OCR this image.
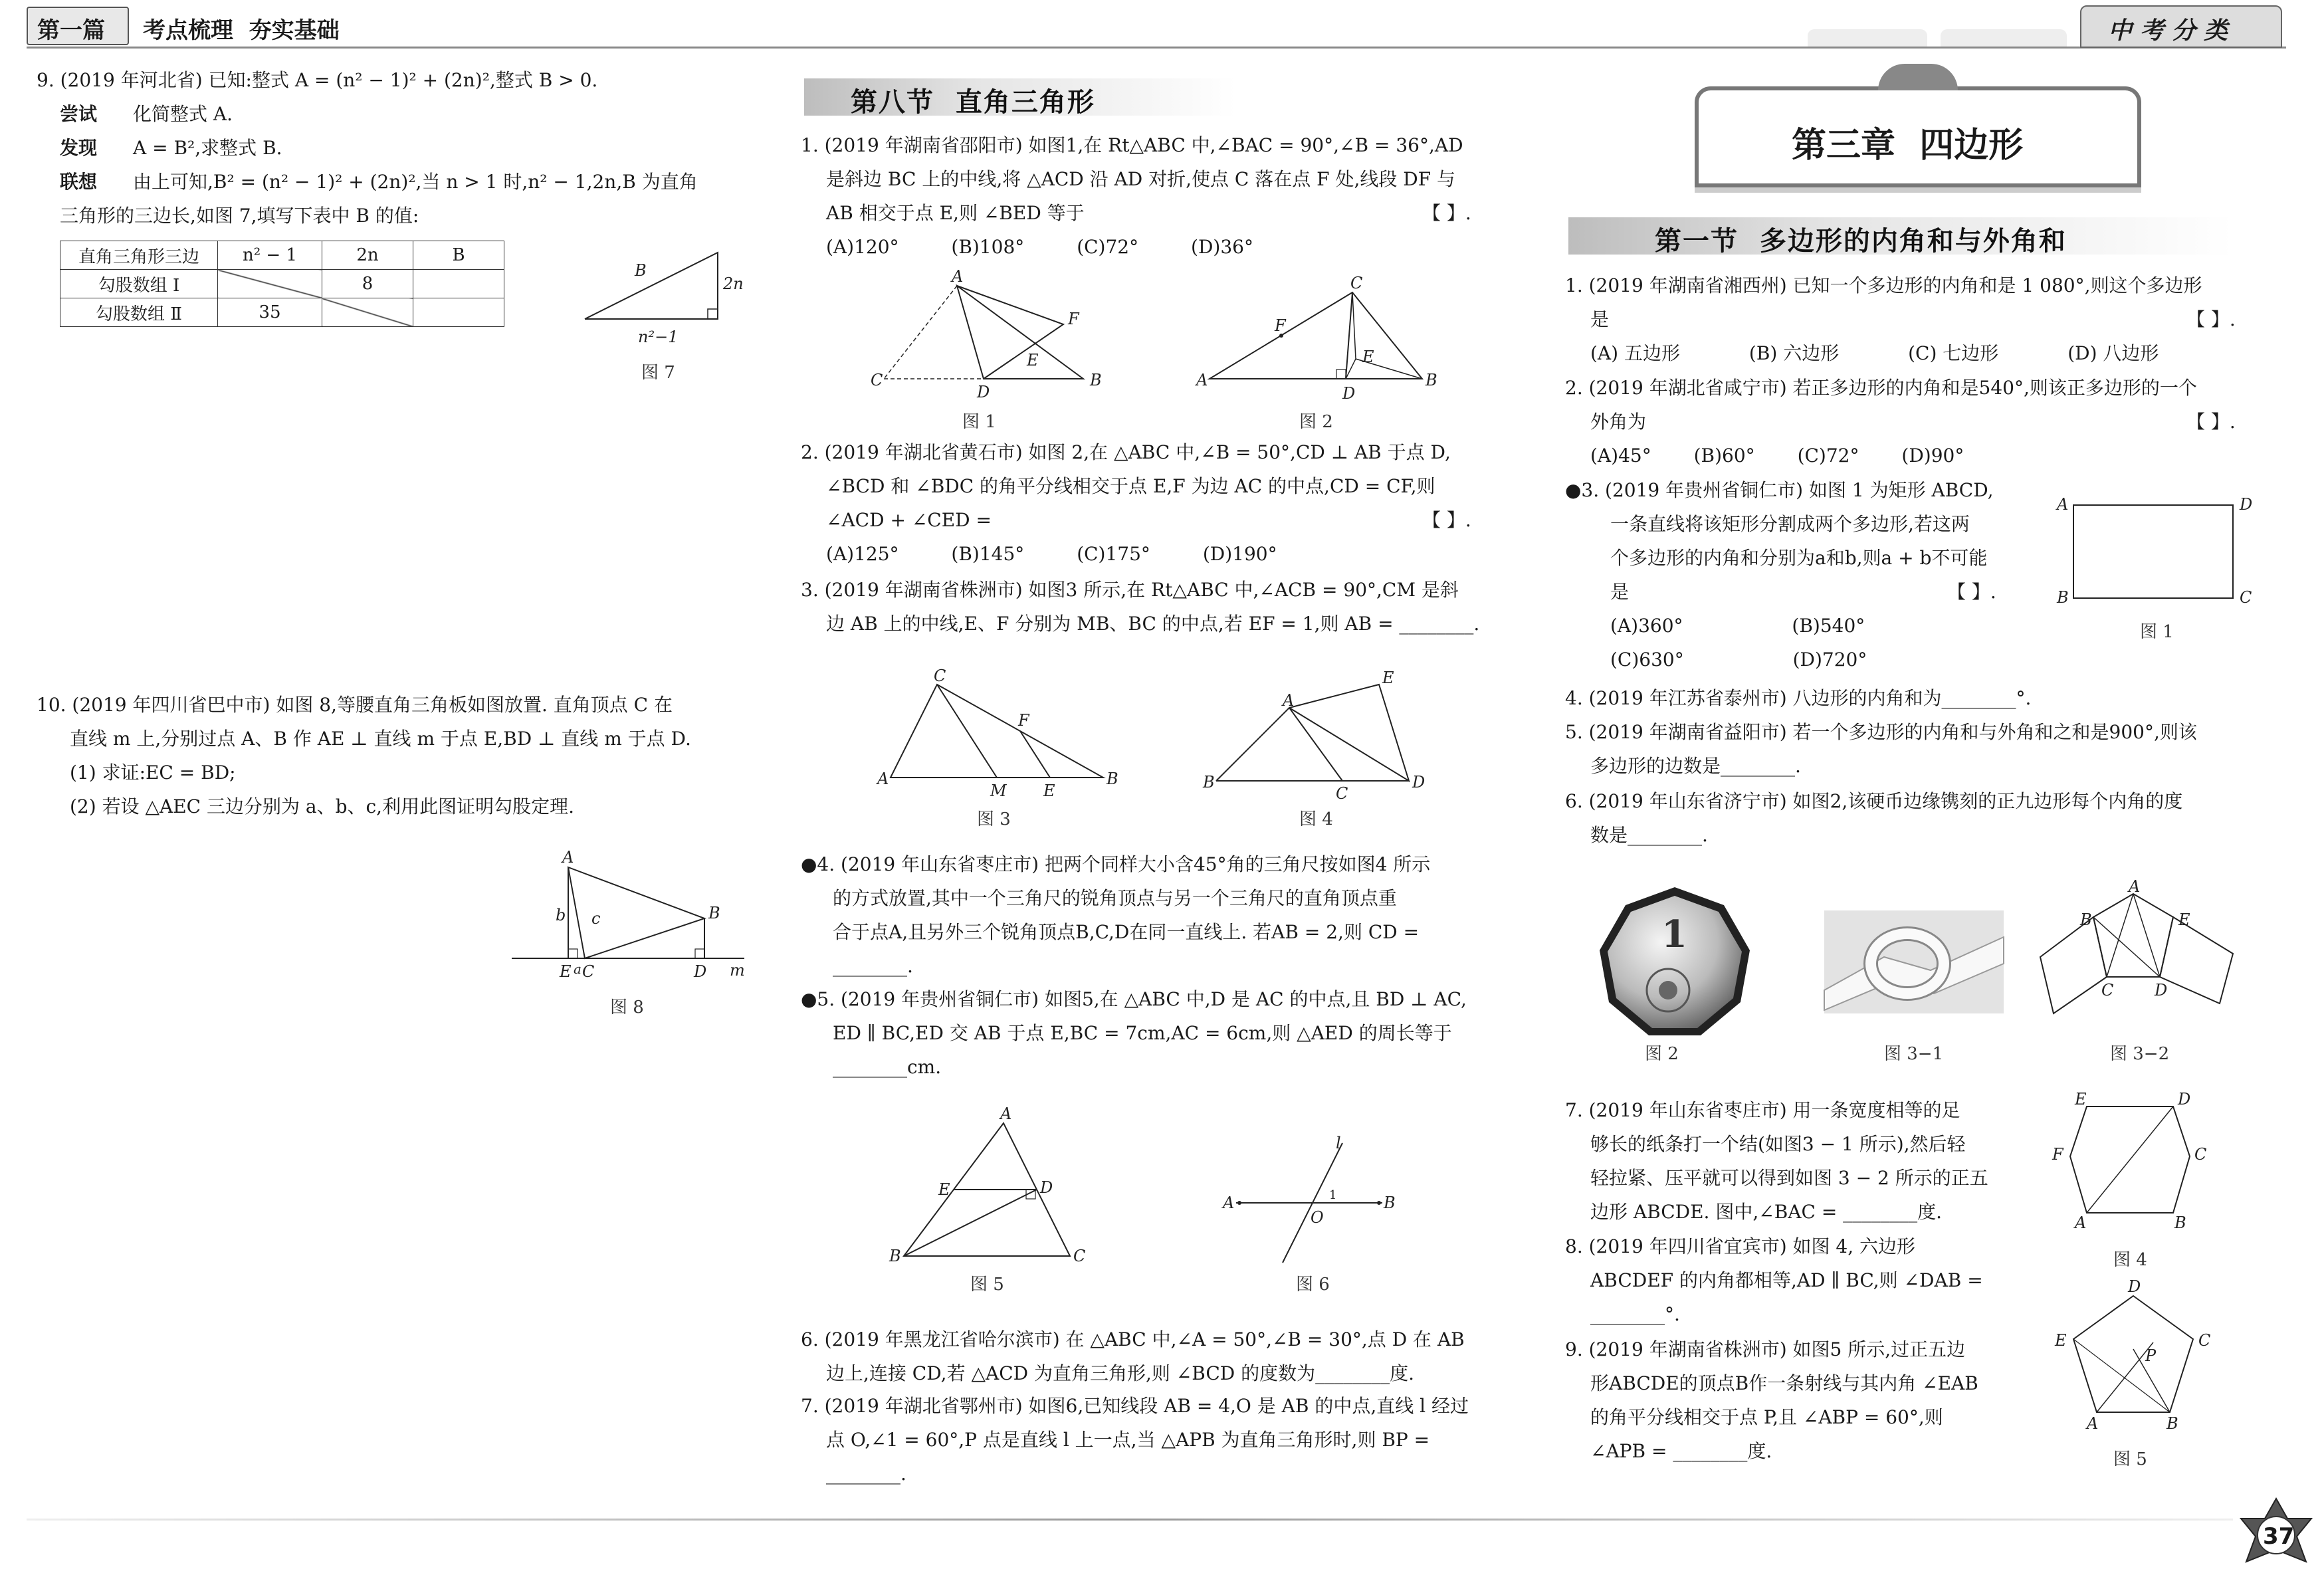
第一篇 考点梳理  夯实基础	中考分类
9. (2019 年河北省) 已知:整式 A = (n² − 1)² + (2n)²,整式 B > 0.
尝试 化简整式 A.
发现 A = B²,求整式 B.
联想 由上可知,B² = (n² − 1)² + (2n)²,当 n > 1 时,n² − 1,2n,B 为直角
三角形的三边长,如图 7,填写下表中 B 的值:
直角三角形三边	n² − 1	2n	B
勾股数组 Ⅰ		8	
勾股数组 Ⅱ	35		
B
2n
n²−1
图 7
10. (2019 年四川省巴中市) 如图 8,等腰直角三角板如图放置. 直角顶点 C 在
直线 m 上,分别过点 A、B 作 AE ⊥ 直线 m 于点 E,BD ⊥ 直线 m 于点 D.
(1) 求证:EC = BD;
(2) 若设 △AEC 三边分别为 a、b、c,利用此图证明勾股定理.
A
B
E C	D m
b
a
c
图 8
第八节  直角三角形
1. (2019 年湖南省邵阳市) 如图1,在 Rt△ABC 中,∠BAC = 90°,∠B = 36°,AD
是斜边 BC 上的中线,将 △ACD 沿 AD 对折,使点 C 落在点 F 处,线段 DF 与
AB 相交于点 E,则 ∠BED 等于	【 】.
(A)120°	(B)108°	(C)72°	(D)36°
A
C
D
B
F
E
图 1
C
A
D
B
F
E
图 2
2. (2019 年湖北省黄石市) 如图 2,在 △ABC 中,∠B = 50°,CD ⊥ AB 于点 D,
∠BCD 和 ∠BDC 的角平分线相交于点 E,F 为边 AC 的中点,CD = CF,则
∠ACD + ∠CED =	【 】.
(A)125°	(B)145°	(C)175°	(D)190°
3. (2019 年湖南省株洲市) 如图3 所示,在 Rt△ABC 中,∠ACB = 90°,CM 是斜
边 AB 上的中线,E、F 分别为 MB、BC 的中点,若 EF = 1,则 AB = ________.
C
A
M E
B
F
图 3
A
E
B
C
D
图 4
●4. (2019 年山东省枣庄市) 把两个同样大小含45°角的三角尺按如图4 所示
的方式放置,其中一个三角尺的锐角顶点与另一个三角尺的直角顶点重
合于点A,且另外三个锐角顶点B,C,D在同一直线上. 若AB = 2,则 CD =
________.
●5. (2019 年贵州省铜仁市) 如图5,在 △ABC 中,D 是 AC 的中点,且 BD ⊥ AC,
ED ∥ BC,ED 交 AB 于点 E,BC = 7cm,AC = 6cm,则 △AED 的周长等于
________cm.
A
E	D
B	C
图 5
A	B
O
1
l
图 6
6. (2019 年黑龙江省哈尔滨市) 在 △ABC 中,∠A = 50°,∠B = 30°,点 D 在 AB
边上,连接 CD,若 △ACD 为直角三角形,则 ∠BCD 的度数为________度.
7. (2019 年湖北省鄂州市) 如图6,已知线段 AB = 4,O 是 AB 的中点,直线 l 经过
点 O,∠1 = 60°,P 点是直线 l 上一点,当 △APB 为直角三角形时,则 BP =
________.
第三章  四边形
第一节  多边形的内角和与外角和
1. (2019 年湖南省湘西州) 已知一个多边形的内角和是 1 080°,则这个多边形
是	【 】.
(A) 五边形	(B) 六边形	(C) 七边形	(D) 八边形
2. (2019 年湖北省咸宁市) 若正多边形的内角和是540°,则该正多边形的一个
外角为	【 】.
(A)45° (B)60° (C)72° (D)90°
●3. (2019 年贵州省铜仁市) 如图 1 为矩形 ABCD,
一条直线将该矩形分割成两个多边形,若这两
个多边形的内角和分别为a和b,则a + b不可能
是	【 】.
(A)360°	(B)540°
(C)630°	(D)720°
A	D
B	C
图 1
4. (2019 年江苏省泰州市) 八边形的内角和为________°.
5. (2019 年湖南省益阳市) 若一个多边形的内角和与外角和之和是900°,则该
多边形的边数是________.
6. (2019 年山东省济宁市) 如图2,该硬币边缘镌刻的正九边形每个内角的度
数是________.
1
图 2	图 3−1
A
B	E
C	D
图 3−2
7. (2019 年山东省枣庄市) 用一条宽度相等的足
够长的纸条打一个结(如图3 − 1 所示),然后轻
轻拉紧、压平就可以得到如图 3 − 2 所示的正五
边形 ABCDE. 图中,∠BAC = ________度.
E	D
F	C
A	B
图 4
8. (2019 年四川省宜宾市) 如图 4, 六边形
ABCDEF 的内角都相等,AD ∥ BC,则 ∠DAB =
________°.
D
E	C
P
A	B
图 5
9. (2019 年湖南省株洲市) 如图5 所示,过正五边
形ABCDE的顶点B作一条射线与其内角 ∠EAB
的角平分线相交于点 P,且 ∠ABP = 60°,则
∠APB = ________度.
37
